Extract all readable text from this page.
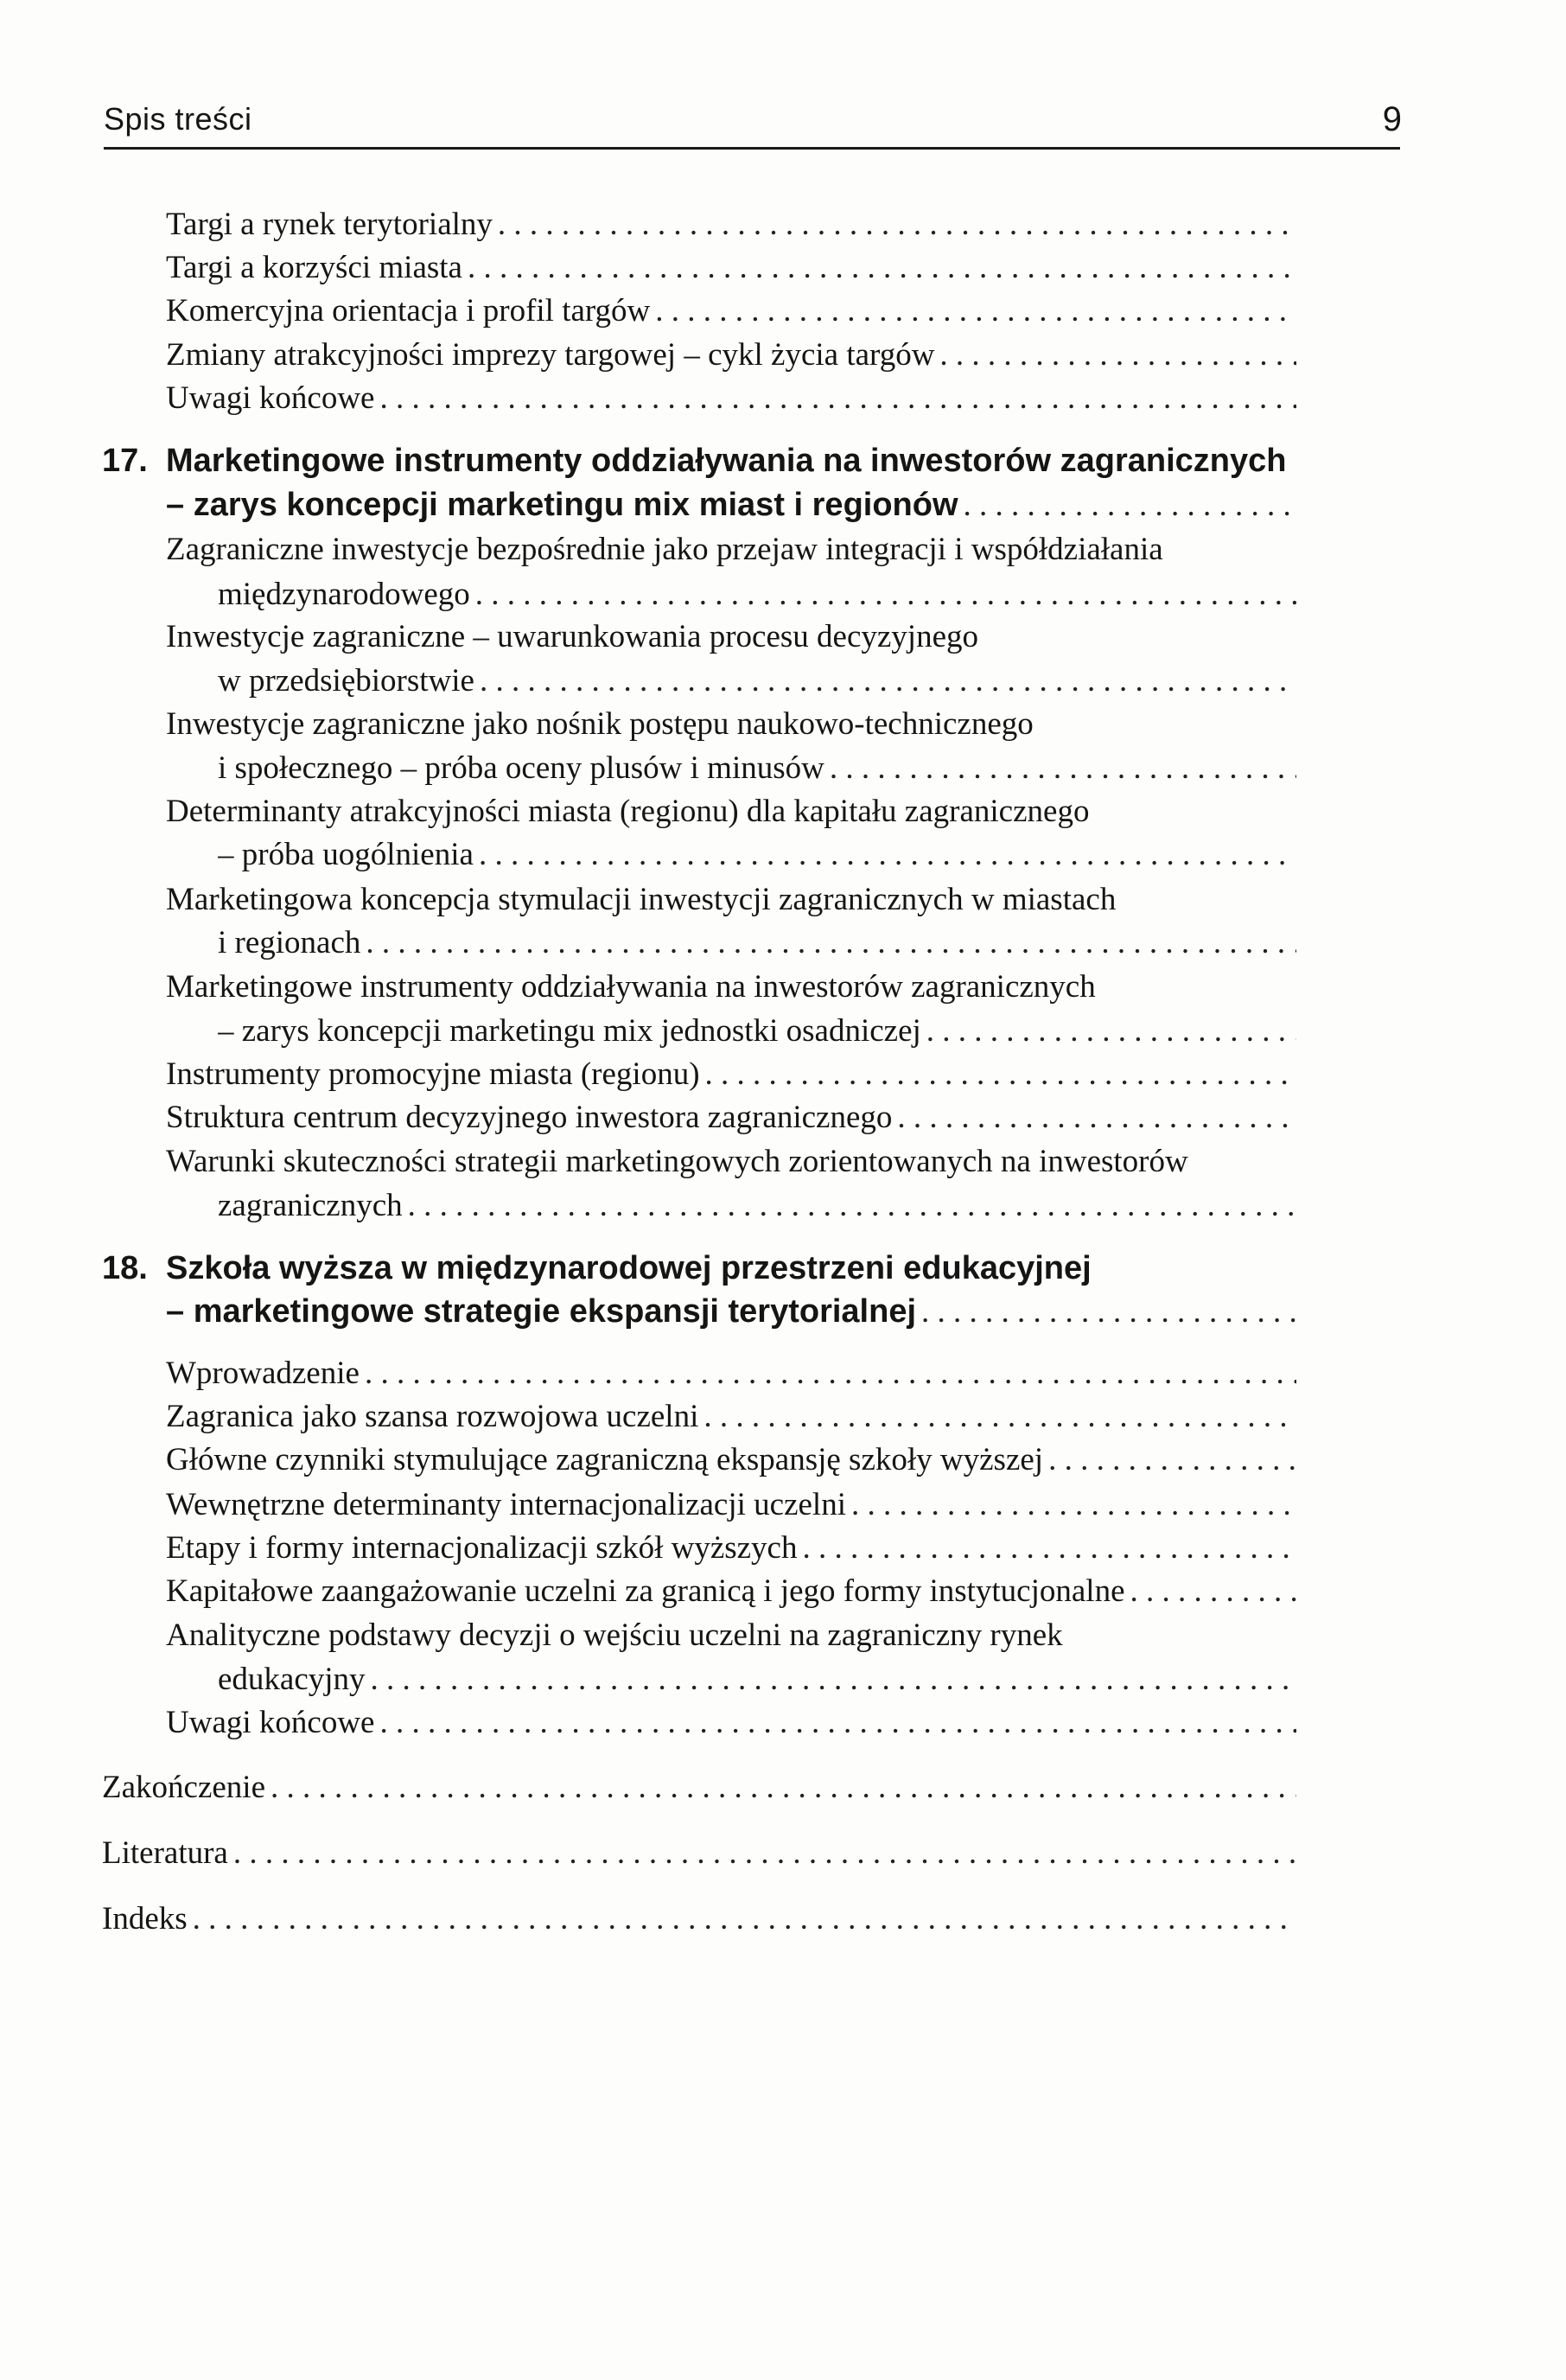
Spis treści	9
Targi a rynek terytorialny
. . .
Targi a korzyści miasta
. . .
Komercyjna orientacja i profil targów
. . .
Zmiany atrakcyjności imprezy targowej – cykl życia targów
. . .
Uwagi końcowe
. . .
17. Marketingowe instrumenty oddziaływania na inwestorów zagranicznych
– zarys koncepcji marketingu mix miast i regionów
. . .
Zagraniczne inwestycje bezpośrednie jako przejaw integracji i współdziałania
międzynarodowego
. . .
Inwestycje zagraniczne – uwarunkowania procesu decyzyjnego
w przedsiębiorstwie
. . .
Inwestycje zagraniczne jako nośnik postępu naukowo-technicznego
i społecznego – próba oceny plusów i minusów
. . .
Determinanty atrakcyjności miasta (regionu) dla kapitału zagranicznego
– próba uogólnienia
. . .
Marketingowa koncepcja stymulacji inwestycji zagranicznych w miastach
i regionach
. . .
Marketingowe instrumenty oddziaływania na inwestorów zagranicznych
– zarys koncepcji marketingu mix jednostki osadniczej
. . .
Instrumenty promocyjne miasta (regionu)
. . .
Struktura centrum decyzyjnego inwestora zagranicznego
. . .
Warunki skuteczności strategii marketingowych zorientowanych na inwestorów
zagranicznych
. . .
18. Szkoła wyższa w międzynarodowej przestrzeni edukacyjnej
– marketingowe strategie ekspansji terytorialnej
. . .
Wprowadzenie
. . .
Zagranica jako szansa rozwojowa uczelni
. . .
Główne czynniki stymulujące zagraniczną ekspansję szkoły wyższej
. . .
Wewnętrzne determinanty internacjonalizacji uczelni
. . .
Etapy i formy internacjonalizacji szkół wyższych
. . .
Kapitałowe zaangażowanie uczelni za granicą i jego formy instytucjonalne
. . .
Analityczne podstawy decyzji o wejściu uczelni na zagraniczny rynek
edukacyjny
. . .
Uwagi końcowe
. . .
Zakończenie
. . .
Literatura
. . .
Indeks
. . .
